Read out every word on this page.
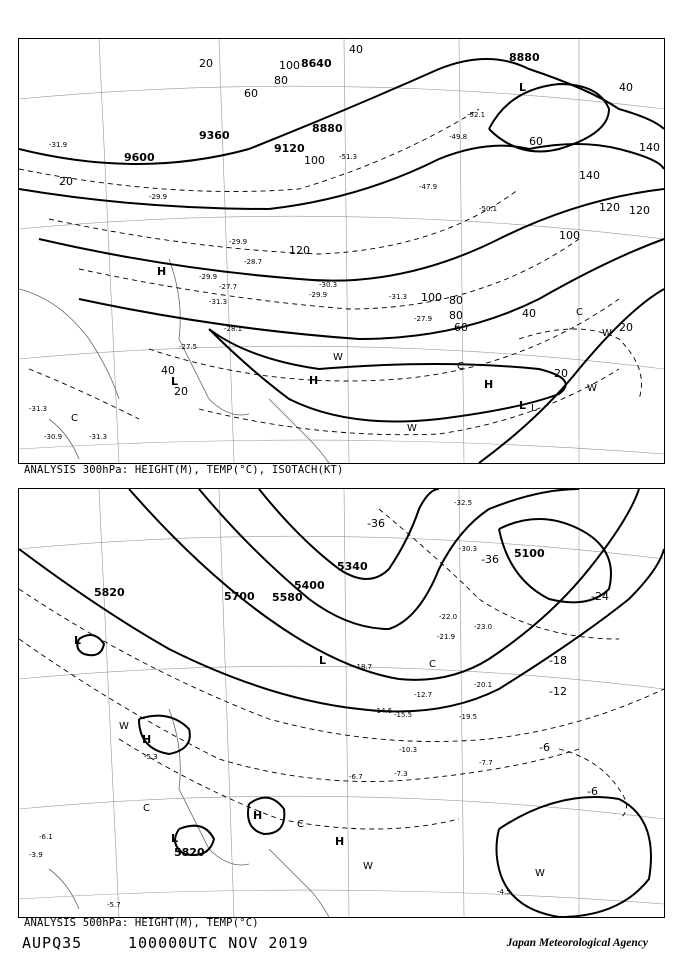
8640
8880
9120
9360
9600
8880
40
20
60
80
100
120
140
120
100
80
60
40
20
20
40
60
40
20
100
140
120
100
20
80
-52.1
-51.3
-47.9
-49.8
-50.1
-31.9
-27.5
-27.7
-28.7
-29.9
-31.3
-27.9
-29.9
-30.3
-31.3
-28.1
-29.9
-30.9
-31.3
-31.3
-29.9
H
H	H
L
L
L
C
C
W
W
W
W
C
L
ANALYSIS 300hPa: HEIGHT(M), TEMP(°C), ISOTACH(KT)
5820	5700 5580
5400
5340
5100
5820
-36
-36
-24
-18
-12
-6
-6
-32.5
-30.3
-23.0
-22.0
-20.1
-19.5
-7.7
-7.3
-6.7
-10.3
-12.7
-15.5
-14.6
-18.7
-21.9
-4.5
-5.3
-5.7
-6.1
-3.9
L
H
L
H
H
L
C
C
C
W
W
W
ANALYSIS 500hPa: HEIGHT(M), TEMP(°C)
AUPQ35	100000UTC NOV 2019	Japan Meteorological Agency
